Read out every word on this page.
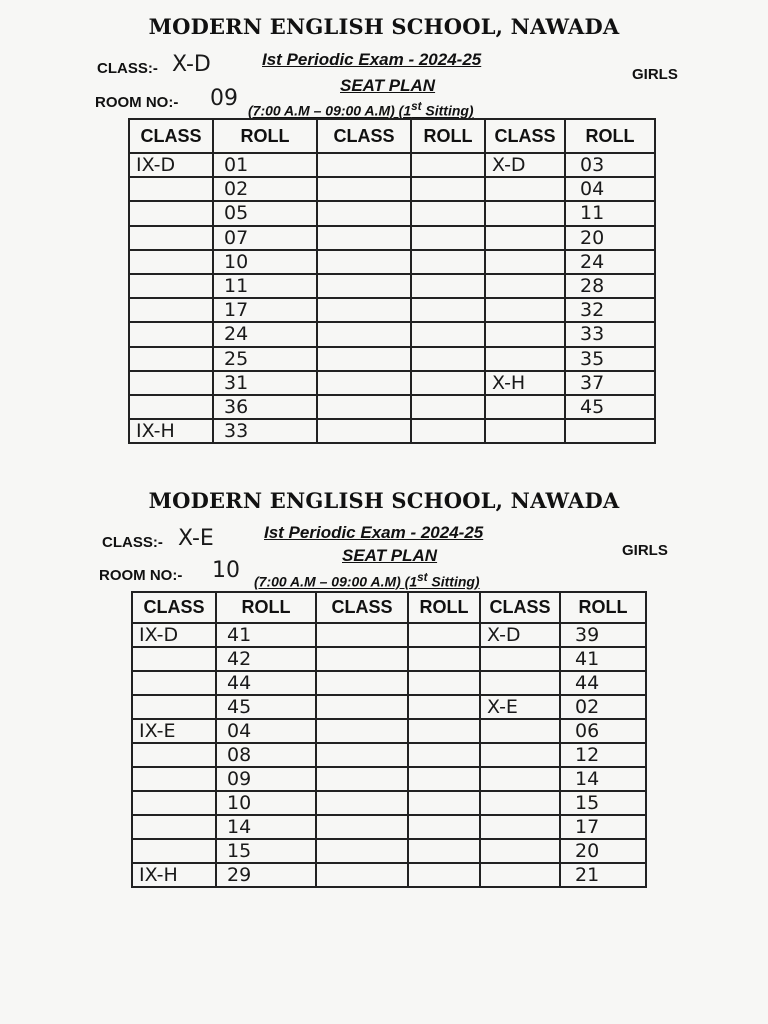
MODERN ENGLISH SCHOOL, NAWADA
CLASS:- X-D	Ist Periodic Exam - 2024-25
GIRLS
SEAT PLAN
ROOM NO:- 09 (7:00 A.M – 09:00 A.M) (1st Sitting)
CLASS	ROLL	CLASS	ROLL	CLASS	ROLL
IX-D	01			X-D	03
	02				04
	05				11
	07				20
	10				24
	11				28
	17				32
	24				33
	25				35
	31			X-H	37
	36				45
IX-H	33				
MODERN ENGLISH SCHOOL, NAWADA
CLASS:- X-E	Ist Periodic Exam - 2024-25
GIRLS
SEAT PLAN
ROOM NO:- 10 (7:00 A.M – 09:00 A.M) (1st Sitting)
CLASS	ROLL	CLASS	ROLL	CLASS	ROLL
IX-D	41			X-D	39
	42				41
	44				44
	45			X-E	02
IX-E	04				06
	08				12
	09				14
	10				15
	14				17
	15				20
IX-H	29				21
